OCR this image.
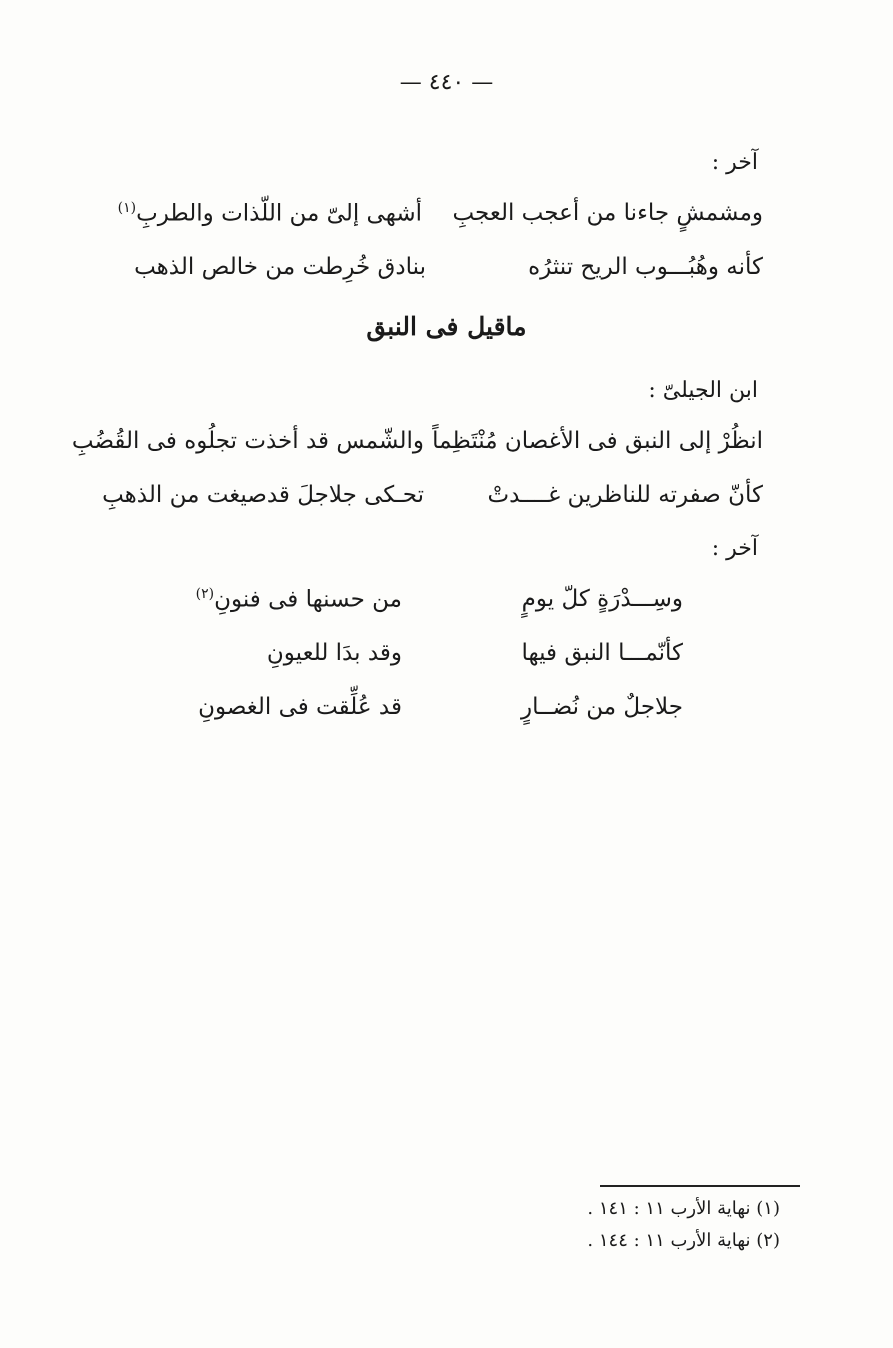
— ٤٤٠ —
آخر :
ومشمشٍ جاءنا من أعجب العجبِ
أشهى إلىّ من اللّذات والطربِ$^{(١)}$
كأنه وهُبُـــوب الريح تنثرُه
بنادق خُرِطت من خالص الذهب
ماقيل فى النبق
ابن الجيلىّ :
انظُرْ إلى النبق فى الأغصان مُنْتَظِماً
والشّمس قد أخذت تجلُوه فى القُضُبِ
كأنّ صفرته للناظرين غــــدتْ
تحـكى جلاجلَ قدصيغت من الذهبِ
آخر :
وسِـــدْرَةٍ كلّ يومٍ
من حسنها فى فنونِ$^{(٢)}$
كأنّمـــا النبق فيها
وقد بدَا للعيونِ
جلاجلٌ من نُضــارٍ
قد عُلِّقت فى الغصونِ
(١) نهاية الأرب ١١ : ١٤١ .
(٢) نهاية الأرب ١١ : ١٤٤ .
